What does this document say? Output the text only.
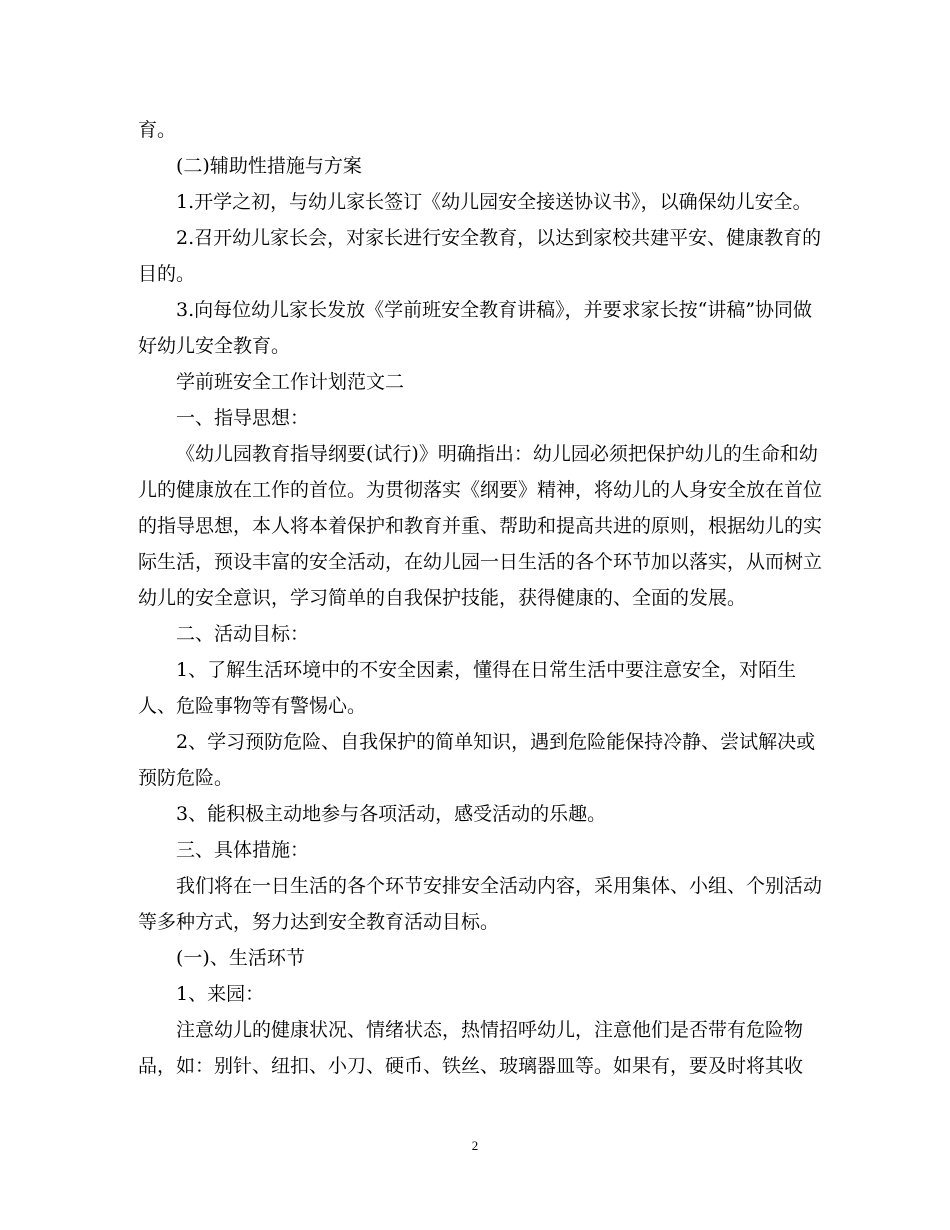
育。
(二)辅助性措施与方案
1.开学之初，与幼儿家长签订《幼儿园安全接送协议书》，以确保幼儿安全。
2.召开幼儿家长会，对家长进行安全教育，以达到家校共建平安、健康教育的
目的。
3.向每位幼儿家长发放《学前班安全教育讲稿》，并要求家长按“讲稿”协同做
好幼儿安全教育。
学前班安全工作计划范文二
一、指导思想：
《幼儿园教育指导纲要(试行)》明确指出：幼儿园必须把保护幼儿的生命和幼
儿的健康放在工作的首位。为贯彻落实《纲要》精神，将幼儿的人身安全放在首位
的指导思想，本人将本着保护和教育并重、帮助和提高共进的原则，根据幼儿的实
际生活，预设丰富的安全活动，在幼儿园一日生活的各个环节加以落实，从而树立
幼儿的安全意识，学习简单的自我保护技能，获得健康的、全面的发展。
二、活动目标：
1、了解生活环境中的不安全因素，懂得在日常生活中要注意安全，对陌生
人、危险事物等有警惕心。
2、学习预防危险、自我保护的简单知识，遇到危险能保持冷静、尝试解决或
预防危险。
3、能积极主动地参与各项活动，感受活动的乐趣。
三、具体措施：
我们将在一日生活的各个环节安排安全活动内容，采用集体、小组、个别活动
等多种方式，努力达到安全教育活动目标。
(一)、生活环节
1、来园：
注意幼儿的健康状况、情绪状态，热情招呼幼儿，注意他们是否带有危险物
品，如：别针、纽扣、小刀、硬币、铁丝、玻璃器皿等。如果有，要及时将其收
2
